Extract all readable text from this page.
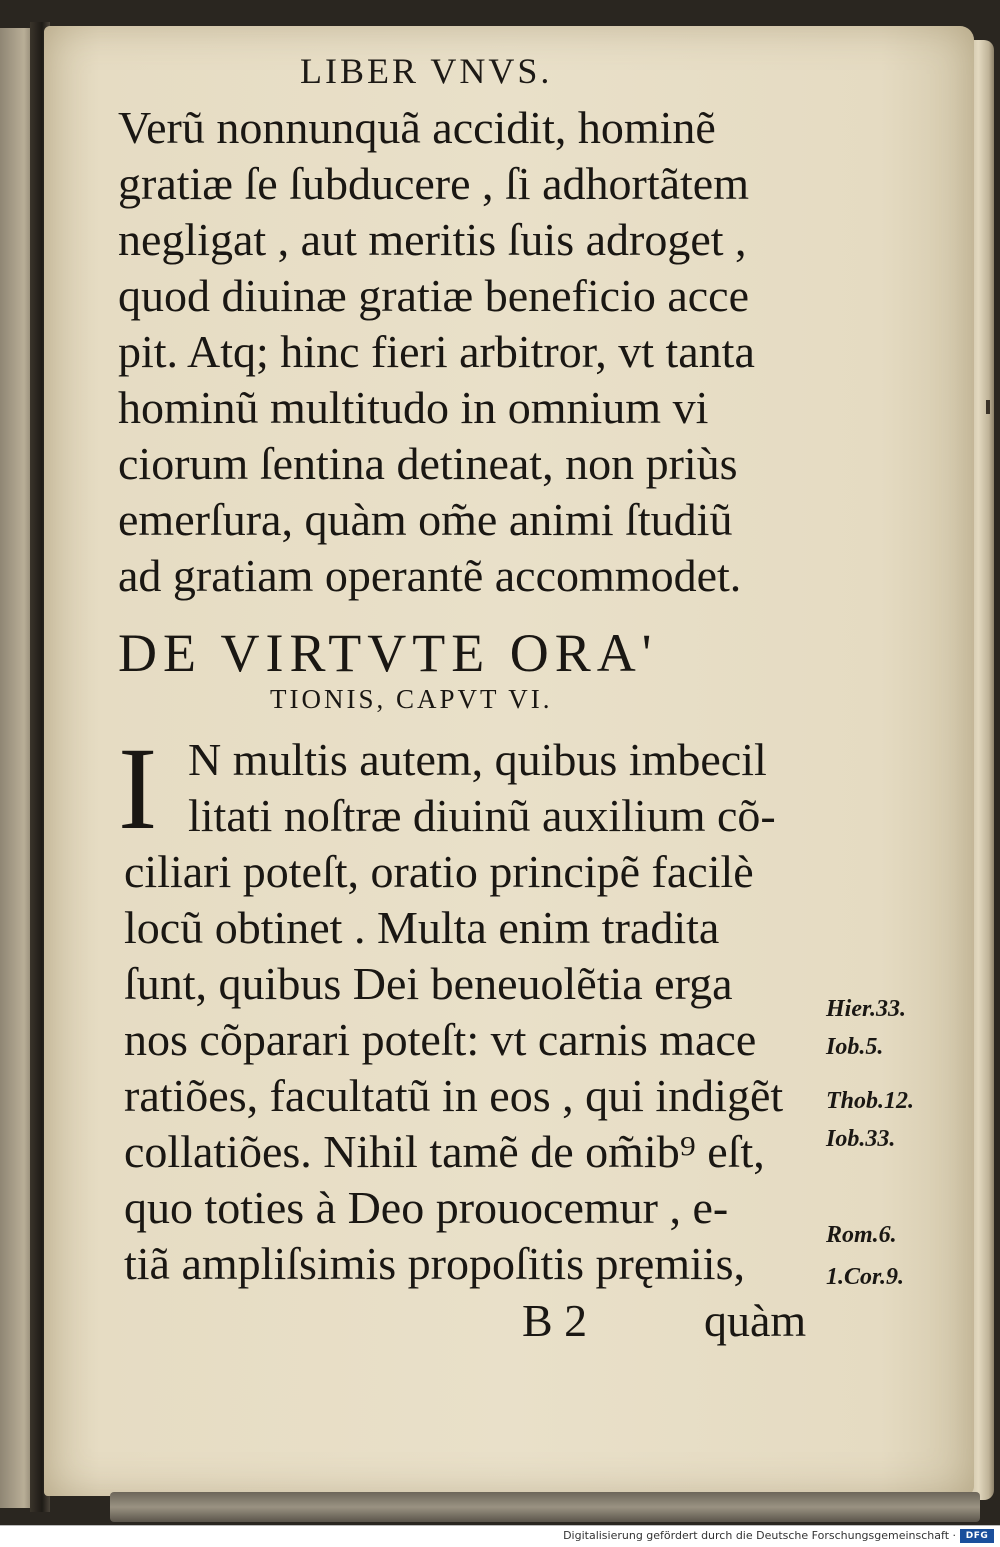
LIBER VNVS.
Verũ nonnunquã accidit, hominẽ
gratiæ ſe ſubducere , ſi adhortãtem
negligat , aut meritis ſuis adroget ,
quod diuinæ gratiæ beneficio acce
pit. Atq; hinc fieri arbitror, vt tanta
hominũ multitudo in omnium vi
ciorum ſentina detineat, non priùs
emerſura, quàm om̃e animi ſtudiũ
ad gratiam operantẽ accommodet.
DE VIRTVTE ORA'
TIONIS, CAPVT VI.
I N multis autem, quibus imbecil
litati noſtræ diuinũ auxilium cõ-
ciliari poteſt, oratio principẽ facilè
locũ obtinet . Multa enim tradita
ſunt, quibus Dei beneuolẽtia erga
nos cõparari poteſt: vt carnis mace
ratiões, facultatũ in eos , qui indigẽt
collatiões. Nihil tamẽ de om̃ib⁹ eſt,
quo toties à Deo prouocemur , e-
tiã ampliſsimis propoſitis pręmiis,
B 2	quàm
Hier.33.
Iob.5.
Thob.12.
Iob.33.
Rom.6.
1.Cor.9.
Digitalisierung gefördert durch die Deutsche Forschungsgemeinschaft ·	DFG
